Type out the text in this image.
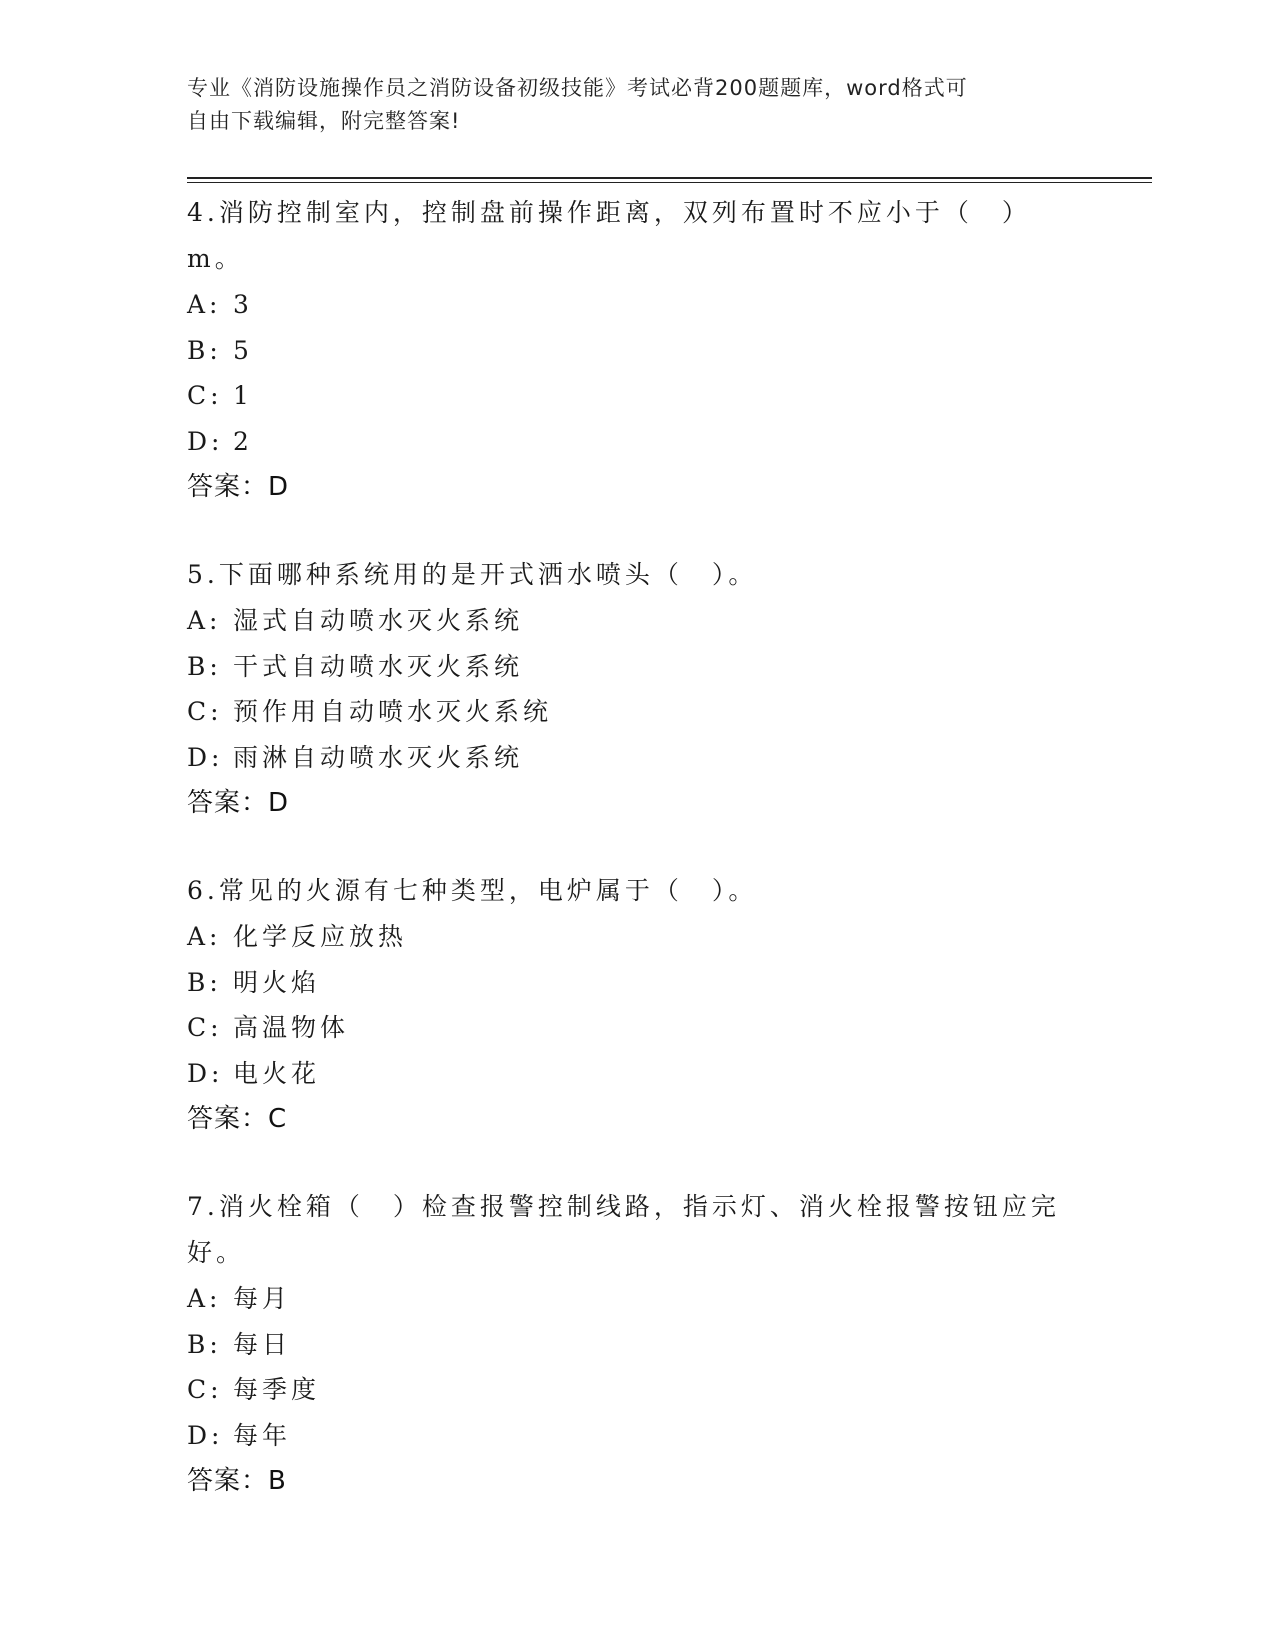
专业《消防设施操作员之消防设备初级技能》考试必背200题题库，word格式可
自由下载编辑，附完整答案!
4.消防控制室内，控制盘前操作距离，双列布置时不应小于（　）m。
A: 3
B: 5
C: 1
D: 2
答案：D
5.下面哪种系统用的是开式洒水喷头（　）。
A: 湿式自动喷水灭火系统
B: 干式自动喷水灭火系统
C: 预作用自动喷水灭火系统
D: 雨淋自动喷水灭火系统
答案：D
6.常见的火源有七种类型，电炉属于（　）。
A: 化学反应放热
B: 明火焰
C: 高温物体
D: 电火花
答案：C
7.消火栓箱（　）检查报警控制线路，指示灯、消火栓报警按钮应完好。
A: 每月
B: 每日
C: 每季度
D: 每年
答案：B
